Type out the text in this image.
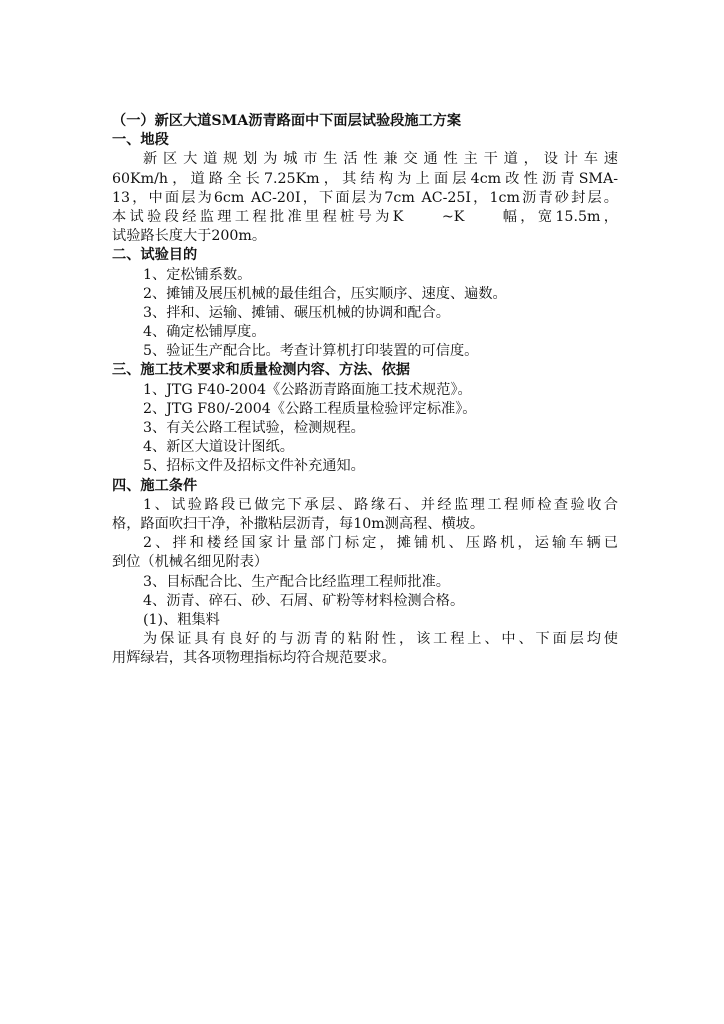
（一）新区大道SMA沥青路面中下面层试验段施工方案

一、地段

新区大道规划为城市生活性兼交通性主干道，设计车速

60Km/h，道路全长7.25Km，其结构为上面层4cm改性沥青SMA-

13，中面层为6cm AC-20I，下面层为7cm AC-25I，1cm沥青砂封层。

本试验段经监理工程批准里程桩号为K　　~K　　幅，宽15.5m，

试验路长度大于200m。

二、试验目的

1、定松铺系数。

2、摊铺及展压机械的最佳组合，压实顺序、速度、遍数。

3、拌和、运输、摊铺、碾压机械的协调和配合。

4、确定松铺厚度。

5、验证生产配合比。考查计算机打印装置的可信度。

三、施工技术要求和质量检测内容、方法、依据

1、JTG F40-2004《公路沥青路面施工技术规范》。

2、JTG F80/-2004《公路工程质量检验评定标准》。

3、有关公路工程试验，检测规程。

4、新区大道设计图纸。

5、招标文件及招标文件补充通知。

四、施工条件

1、试验路段已做完下承层、路缘石、并经监理工程师检查验收合

格，路面吹扫干净，补撒粘层沥青，每10m测高程、横坡。

2、拌和楼经国家计量部门标定，摊铺机、压路机，运输车辆已

到位（机械名细见附表）

3、目标配合比、生产配合比经监理工程师批准。

4、沥青、碎石、砂、石屑、矿粉等材料检测合格。

(1)、粗集料

为保证具有良好的与沥青的粘附性，该工程上、中、下面层均使

用辉绿岩，其各项物理指标均符合规范要求。
